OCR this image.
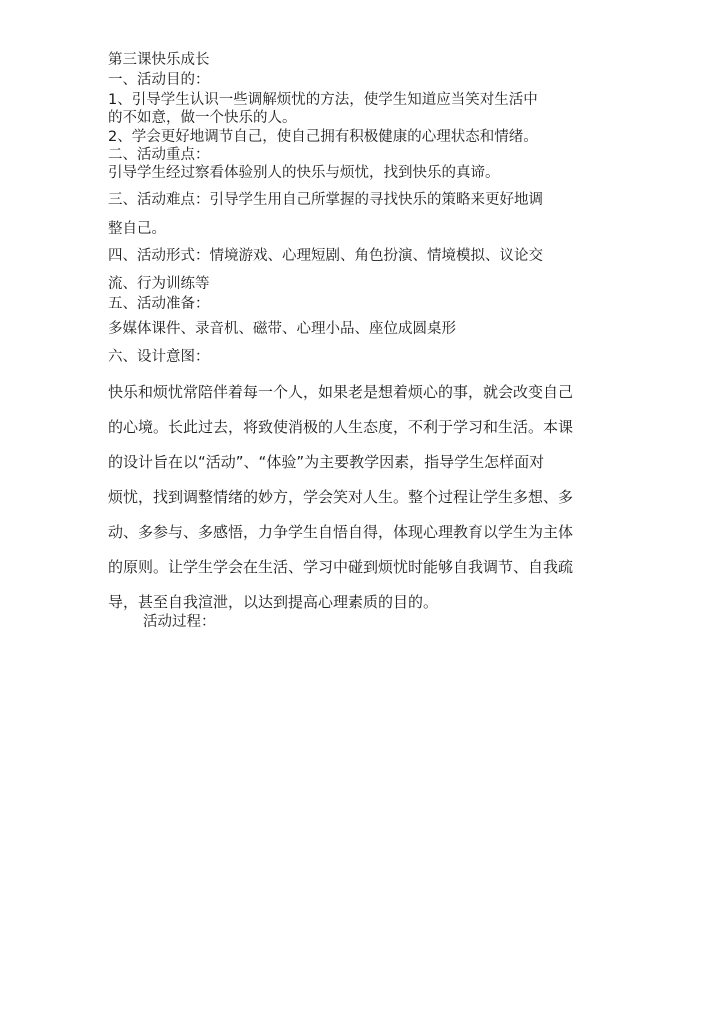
第三课快乐成长
一、活动目的：
1、引导学生认识一些调解烦忧的方法，使学生知道应当笑对生活中
的不如意，做一个快乐的人。
2、学会更好地调节自己，使自己拥有积极健康的心理状态和情绪。
二、活动重点：
引导学生经过察看体验别人的快乐与烦忧，找到快乐的真谛。
三、活动难点：引导学生用自己所掌握的寻找快乐的策略来更好地调
整自己。
四、活动形式：情境游戏、心理短剧、角色扮演、情境模拟、议论交
流、行为训练等
五、活动准备：
多媒体课件、录音机、磁带、心理小品、座位成圆桌形
六、设计意图：
快乐和烦忧常陪伴着每一个人，如果老是想着烦心的事，就会改变自己
的心境。长此过去，将致使消极的人生态度，不利于学习和生活。本课
的设计旨在以“活动”、“体验”为主要教学因素，指导学生怎样面对
烦忧，找到调整情绪的妙方，学会笑对人生。整个过程让学生多想、多
动、多参与、多感悟，力争学生自悟自得，体现心理教育以学生为主体
的原则。让学生学会在生活、学习中碰到烦忧时能够自我调节、自我疏
导，甚至自我渲泄，以达到提高心理素质的目的。
活动过程：
